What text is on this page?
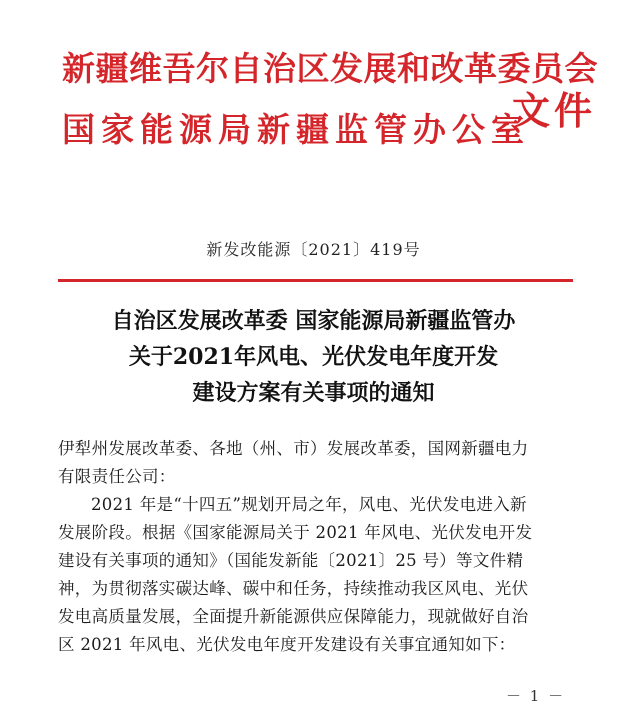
新疆维吾尔自治区发展和改革委员会
国家能源局新疆监管办公室
文件
新发改能源〔2021〕419号
自治区发展改革委 国家能源局新疆监管办
关于2021年风电、光伏发电年度开发
建设方案有关事项的通知
伊犁州发展改革委、各地（州、市）发展改革委，国网新疆电力
有限责任公司：
2021 年是“十四五”规划开局之年，风电、光伏发电进入新
发展阶段。根据《国家能源局关于 2021 年风电、光伏发电开发
建设有关事项的通知》（国能发新能〔2021〕25 号）等文件精
神，为贯彻落实碳达峰、碳中和任务，持续推动我区风电、光伏
发电高质量发展，全面提升新能源供应保障能力，现就做好自治
区 2021 年风电、光伏发电年度开发建设有关事宜通知如下：
－ 1 －
